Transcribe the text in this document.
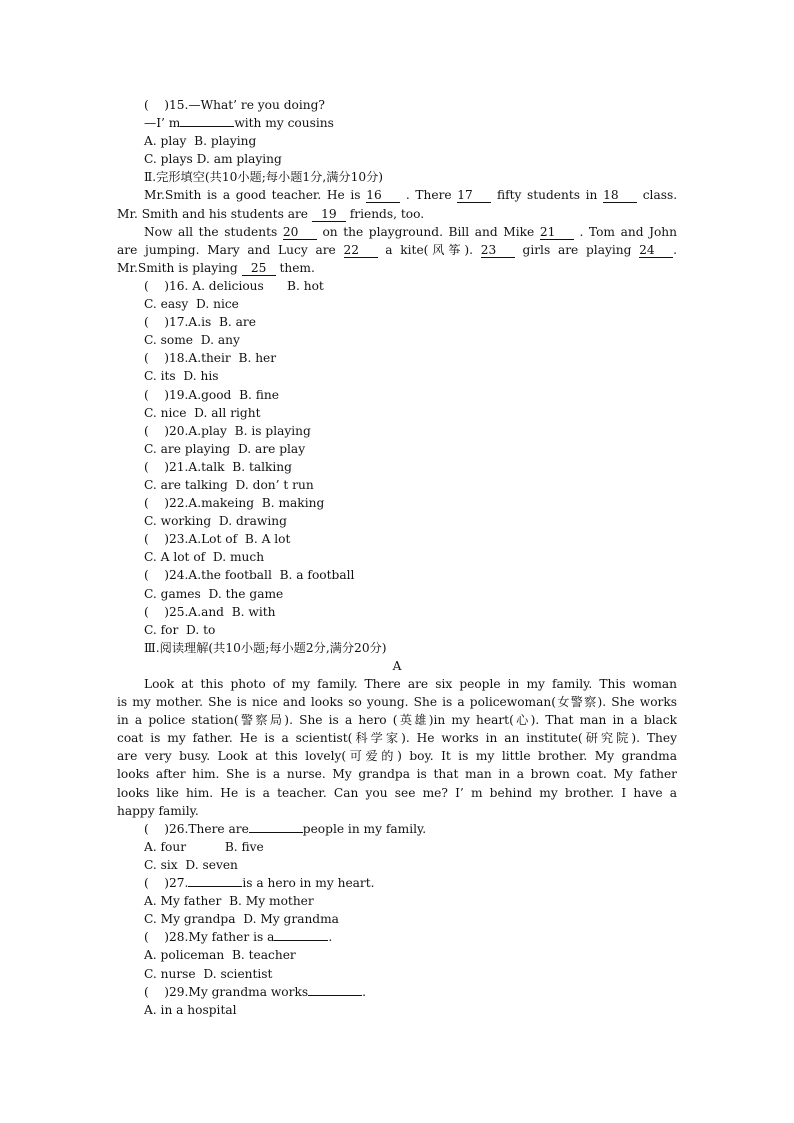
(    )15.—What’ re you doing?
—I’ m	with my cousins
A. play  B. playing
C. plays D. am playing
Ⅱ.完形填空(共10小题;每小题1分,满分10分)
Mr.Smith is a good teacher. He is 16 . There 17 fifty students in 18 class.
Mr. Smith and his students are 19 friends, too.
Now all the students 20 on the playground. Bill and Mike 21 . Tom and John
are jumping. Mary and Lucy are 22 a kite(风筝). 23 girls are playing 24 .
Mr.Smith is playing 25 them.
(    )16. A. delicious      B. hot
C. easy  D. nice
(    )17.A.is  B. are
C. some  D. any
(    )18.A.their  B. her
C. its  D. his
(    )19.A.good  B. fine
C. nice  D. all right
(    )20.A.play  B. is playing
C. are playing  D. are play
(    )21.A.talk  B. talking
C. are talking  D. don’ t run
(    )22.A.makeing  B. making
C. working  D. drawing
(    )23.A.Lot of  B. A lot
C. A lot of  D. much
(    )24.A.the football  B. a football
C. games  D. the game
(    )25.A.and  B. with
C. for  D. to
Ⅲ.阅读理解(共10小题;每小题2分,满分20分)
A
Look at this photo of my family. There are six people in my family. This woman
is my mother. She is nice and looks so young. She is a policewoman(女警察). She works
in a police station(警察局). She is a hero (英雄)in my heart(心). That man in a black
coat is my father. He is a scientist(科学家). He works in an institute(研究院). They
are very busy. Look at this lovely(可爱的) boy. It is my little brother. My grandma
looks after him. She is a nurse. My grandpa is that man in a brown coat. My father
looks like him. He is a teacher. Can you see me? I’ m behind my brother. I have a
happy family.
(    )26.There are	people in my family.
A. four          B. five
C. six  D. seven
(    )27.	is a hero in my heart.
A. My father  B. My mother
C. My grandpa  D. My grandma
(    )28.My father is a	.
A. policeman  B. teacher
C. nurse  D. scientist
(    )29.My grandma works	.
A. in a hospital
